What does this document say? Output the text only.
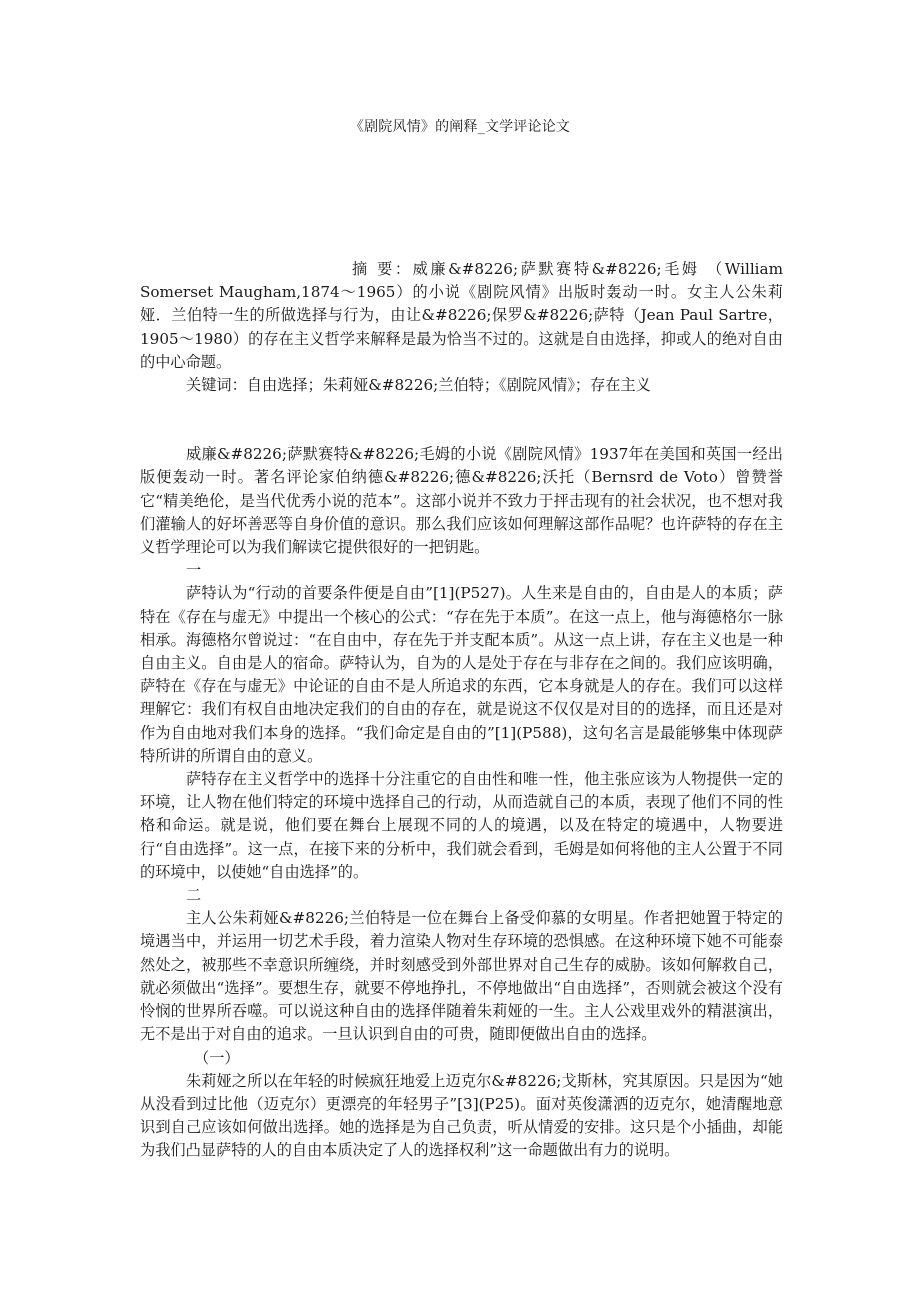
《剧院风情》的阐释_文学评论论文

摘 要：威廉&#8226;萨默赛特&#8226;毛姆 （William Somerset Maugham,1874～1965）的小说《剧院风情》出版时轰动一时。女主人公朱莉娅．兰伯特一生的所做选择与行为，由让&#8226;保罗&#8226;萨特（Jean Paul Sartre，1905～1980）的存在主义哲学来解释是最为恰当不过的。这就是自由选择，抑或人的绝对自由的中心命题。

关键词：自由选择；朱莉娅&#8226;兰伯特；《剧院风情》；存在主义

威廉&#8226;萨默赛特&#8226;毛姆的小说《剧院风情》1937年在美国和英国一经出版便轰动一时。著名评论家伯纳德&#8226;德&#8226;沃托（Bernsrd de Voto）曾赞誉它“精美绝伦，是当代优秀小说的范本”。这部小说并不致力于抨击现有的社会状况，也不想对我们灌输人的好坏善恶等自身价值的意识。那么我们应该如何理解这部作品呢？也许萨特的存在主义哲学理论可以为我们解读它提供很好的一把钥匙。

一

萨特认为“行动的首要条件便是自由”[1](P527)。人生来是自由的，自由是人的本质；萨特在《存在与虚无》中提出一个核心的公式：“存在先于本质”。在这一点上，他与海德格尔一脉相承。海德格尔曾说过：“在自由中，存在先于并支配本质”。从这一点上讲，存在主义也是一种自由主义。自由是人的宿命。萨特认为，自为的人是处于存在与非存在之间的。我们应该明确，萨特在《存在与虚无》中论证的自由不是人所追求的东西，它本身就是人的存在。我们可以这样理解它：我们有权自由地决定我们的自由的存在，就是说这不仅仅是对目的的选择，而且还是对作为自由地对我们本身的选择。“我们命定是自由的”[1](P588)，这句名言是最能够集中体现萨特所讲的所谓自由的意义。

萨特存在主义哲学中的选择十分注重它的自由性和唯一性，他主张应该为人物提供一定的环境，让人物在他们特定的环境中选择自己的行动，从而造就自己的本质，表现了他们不同的性格和命运。就是说，他们要在舞台上展现不同的人的境遇，以及在特定的境遇中，人物要进行“自由选择”。这一点，在接下来的分析中，我们就会看到，毛姆是如何将他的主人公置于不同的环境中，以使她“自由选择”的。

二

主人公朱莉娅&#8226;兰伯特是一位在舞台上备受仰慕的女明星。作者把她置于特定的境遇当中，并运用一切艺术手段，着力渲染人物对生存环境的恐惧感。在这种环境下她不可能泰然处之，被那些不幸意识所缠绕，并时刻感受到外部世界对自己生存的威胁。该如何解救自己，就必须做出“选择”。要想生存，就要不停地挣扎，不停地做出“自由选择”，否则就会被这个没有怜悯的世界所吞噬。可以说这种自由的选择伴随着朱莉娅的一生。主人公戏里戏外的精湛演出，无不是出于对自由的追求。一旦认识到自由的可贵，随即便做出自由的选择。

（一）

朱莉娅之所以在年轻的时候疯狂地爱上迈克尔&#8226;戈斯林，究其原因。只是因为“她从没看到过比他（迈克尔）更漂亮的年轻男子”[3](P25)。面对英俊潇洒的迈克尔，她清醒地意识到自己应该如何做出选择。她的选择是为自己负责，听从情爱的安排。这只是个小插曲，却能为我们凸显萨特的人的自由本质决定了人的选择权利”这一命题做出有力的说明。
